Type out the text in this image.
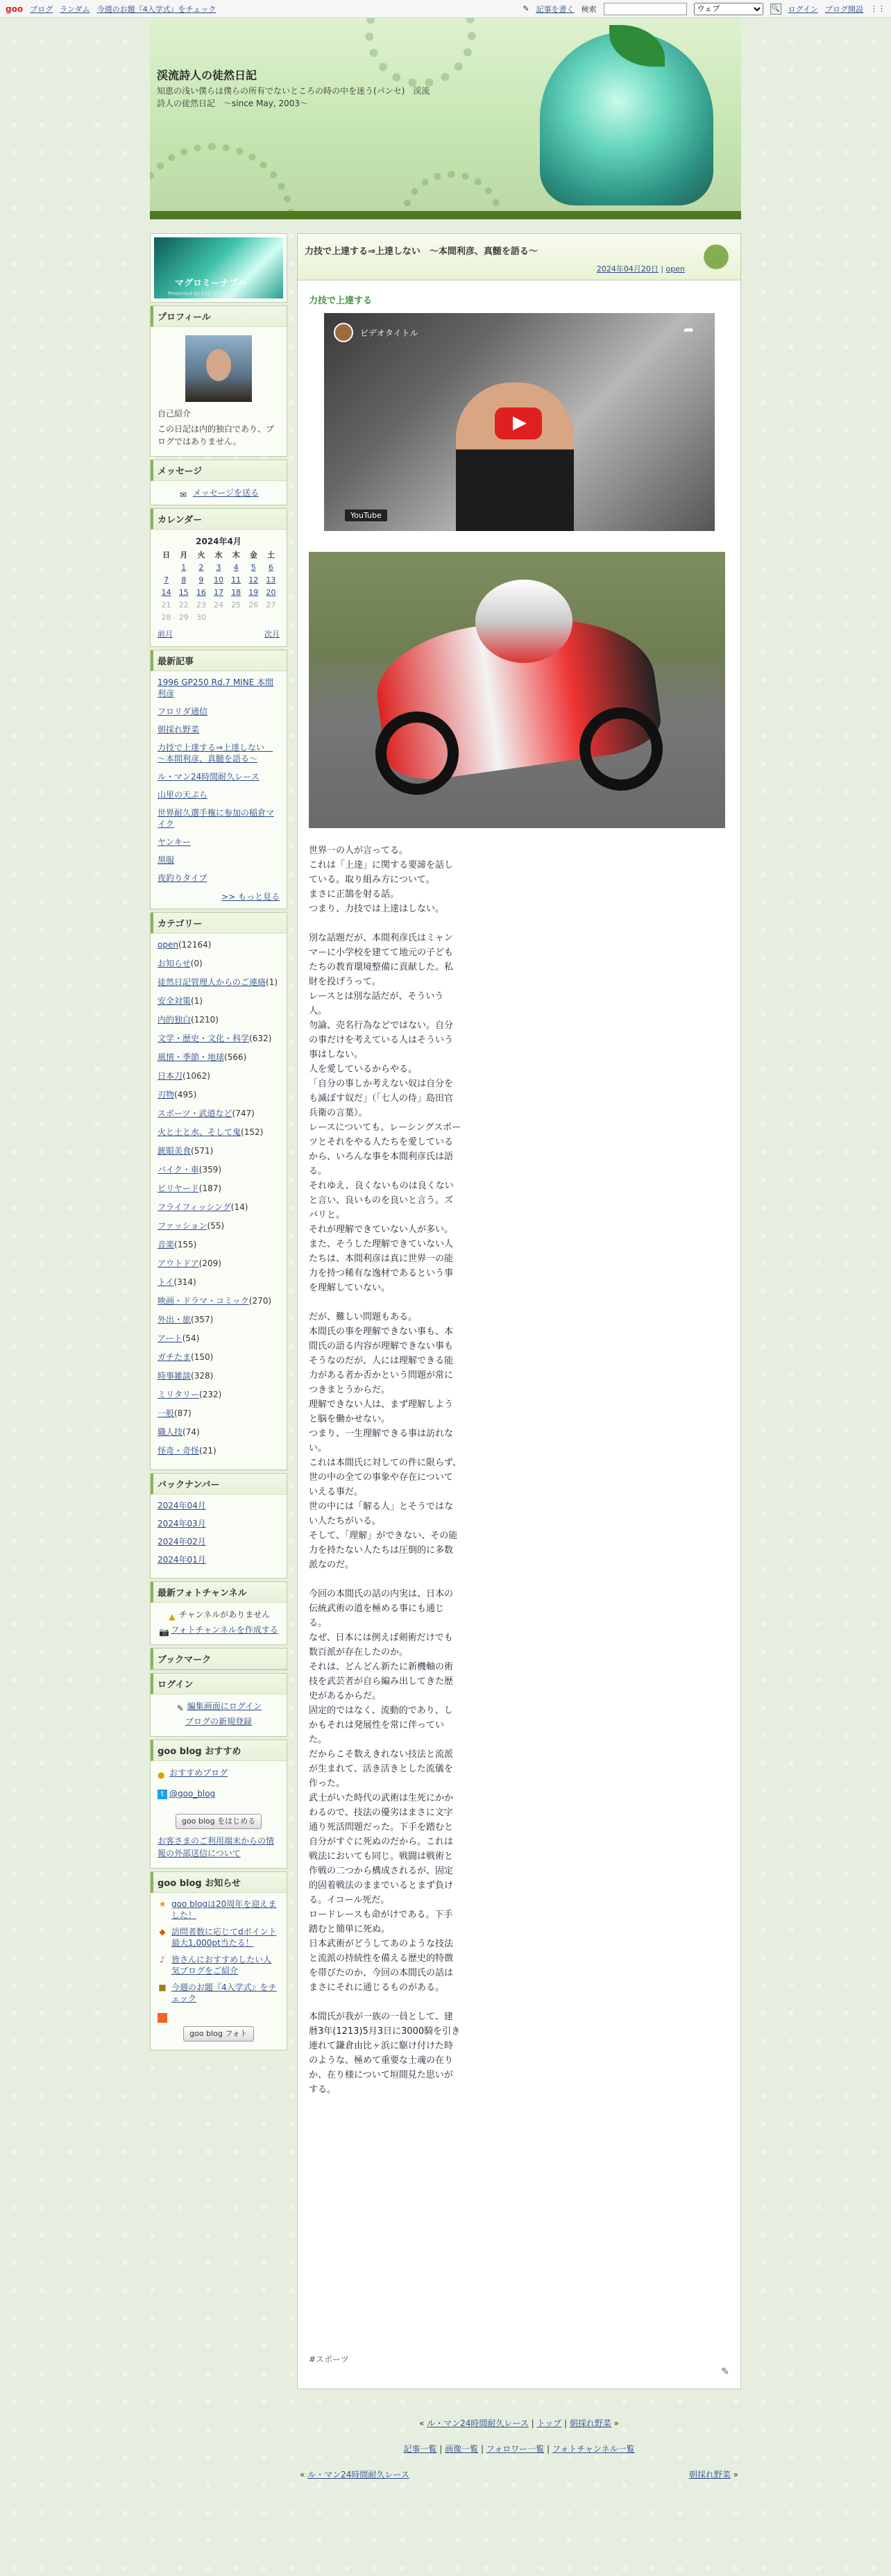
goo ブログ ランダム 今週のお題『4入学式』をチェック	✎ 記事を書く 検索
ウェブ	🔍 ログイン ブログ開設 ⋮⋮
渓流詩人の徒然日記
知恵の浅い僕らは僕らの所有でないところの時の中を迷う(パンセ)　渓流詩人の徒然日記　～since May, 2003～
マグロミーナブハ
Presented by KAZ @TMANNEN
プロフィール

自己紹介

この日記は内的独白であり、ブログではありません。

メッセージ
✉ メッセージを送る
カレンダー
2024年4月
日	月	火	水	木	金	土
	1	2	3	4	5	6
7	8	9	10	11	12	13
14	15	16	17	18	19	20
21	22	23	24	25	26	27
28	29	30				
前月	次月
最新記事
1996 GP250 Rd.7 MINE 本間利彦
フロリダ通信
朝採れ野菜
力技で上達する⇒上達しない　～本間利彦、真髄を語る～
ル・マン24時間耐久レース
山里の天ぷら
世界耐久選手権に参加の稲倉マイク
ヤンキー
黒服
夜釣りタイプ
>> もっと見る
カテゴリー
open(12164)
お知らせ(0)
徒然日記管理人からのご連絡(1)
安全対策(1)
内的独白(1210)
文学・歴史・文化・科学(632)
風情・季節・地球(566)
日本刀(1062)
刃物(495)
スポーツ・武道など(747)
火と土と水、そして鬼(152)
銃眼美食(571)
バイク・車(359)
ビリヤード(187)
フライフィッシング(14)
ファッション(55)
音楽(155)
アウトドア(209)
トイ(314)
映画・ドラマ・コミック(270)
外出・旅(357)
アート(54)
ガチたま(150)
時事雑談(328)
ミリタリー(232)
一般(87)
職人技(74)
怪奇・奇怪(21)
バックナンバー
2024年04月
2024年03月
2024年02月
2024年01月
最新フォトチャンネル

▲ チャンネルがありません

📷 フォトチャンネルを作成する

ブックマーク
ログイン

✎ 編集画面にログイン

ブログの新規登録

goo blog おすすめ

● おすすめブログ

t @goo_blog

goo blog をはじめる

お客さまのご利用端末からの情報の外部送信について

goo blog お知らせ
★ goo blogは20周年を迎えました！
◆ 訪問者数に応じてdポイント最大1,000pt当たる！
♪ 皆さんにおすすめしたい人気ブログをご紹介
■ 今週のお題『4入学式』をチェック

goo blog フォト

力技で上達する⇒上達しない　～本間利彦、真髄を語る～
2024年04月20日 | open
力技で上達する
ビデオタイトル	➦
YouTube

世界一の人が言ってる。
これは「上達」に関する要諦を話している。取り組み方について。
まさに正鵠を射る話。
つまり、力技では上達はしない。

別な話題だが、本間利彦氏はミャンマーに小学校を建てて地元の子どもたちの教育環境整備に貢献した。私財を投げうって。
レースとは別な話だが、そういう人。
勿論、売名行為などではない。自分の事だけを考えている人はそういう事はしない。
人を愛しているからやる。
「自分の事しか考えない奴は自分をも滅ぼす奴だ」（「七人の侍」島田官兵衛の言葉）。
レースについても、レーシングスポーツとそれをやる人たちを愛しているから、いろんな事を本間利彦氏は語る。
それゆえ、良くないものは良くないと言い、良いものを良いと言う。ズバリと。
それが理解できていない人が多い。
また、そうした理解できていない人たちは、本間利彦は真に世界一の能力を持つ稀有な逸材であるという事を理解していない。

だが、難しい問題もある。
本間氏の事を理解できない事も、本間氏の語る内容が理解できない事もそうなのだが、人には理解できる能力がある者か否かという問題が常につきまとうからだ。
理解できない人は、まず理解しようと脳を働かせない。
つまり、一生理解できる事は訪れない。
これは本間氏に対しての件に限らず、世の中の全ての事象や存在についていえる事だ。
世の中には「解る人」とそうではない人たちがいる。
そして、「理解」ができない、その能力を持たない人たちは圧倒的に多数派なのだ。

今回の本間氏の話の内実は、日本の伝統武術の道を極める事にも通じる。
なぜ、日本には例えば剣術だけでも数百派が存在したのか。
それは、どんどん新たに新機軸の術技を武芸者が自ら編み出してきた歴史があるからだ。
固定的ではなく、流動的であり、しかもそれは発展性を常に伴っていた。
だからこそ数えきれない技法と流派が生まれて、活き活きとした流儀を作った。
武士がいた時代の武術は生死にかかわるので、技法の優劣はまさに文字通り死活問題だった。下手を踏むと自分がすぐに死ぬのだから。これは戦法においても同じ。戦闘は戦術と作戦の二つから構成されるが、固定的固着戦法のままでいるとまず負ける。イコール死だ。
ロードレースも命がけである。下手踏むと簡単に死ぬ。
日本武術がどうしてあのような技法と流派の持続性を備える歴史的特徴を帯びたのか、今回の本間氏の話はまさにそれに通じるものがある。

本間氏が我が一族の一員として、建暦3年(1213)5月3日に3000騎を引き連れて鎌倉由比ヶ浜に駆け付けた時のような、極めて重要な士魂の在りか、在り様について垣間見た思いがする。

#スポーツ
✎
« ル・マン24時間耐久レース | トップ | 朝採れ野菜 »
記事一覧 | 画像一覧 | フォロワー一覧 | フォトチャンネル一覧
« ル・マン24時間耐久レース	朝採れ野菜 »
